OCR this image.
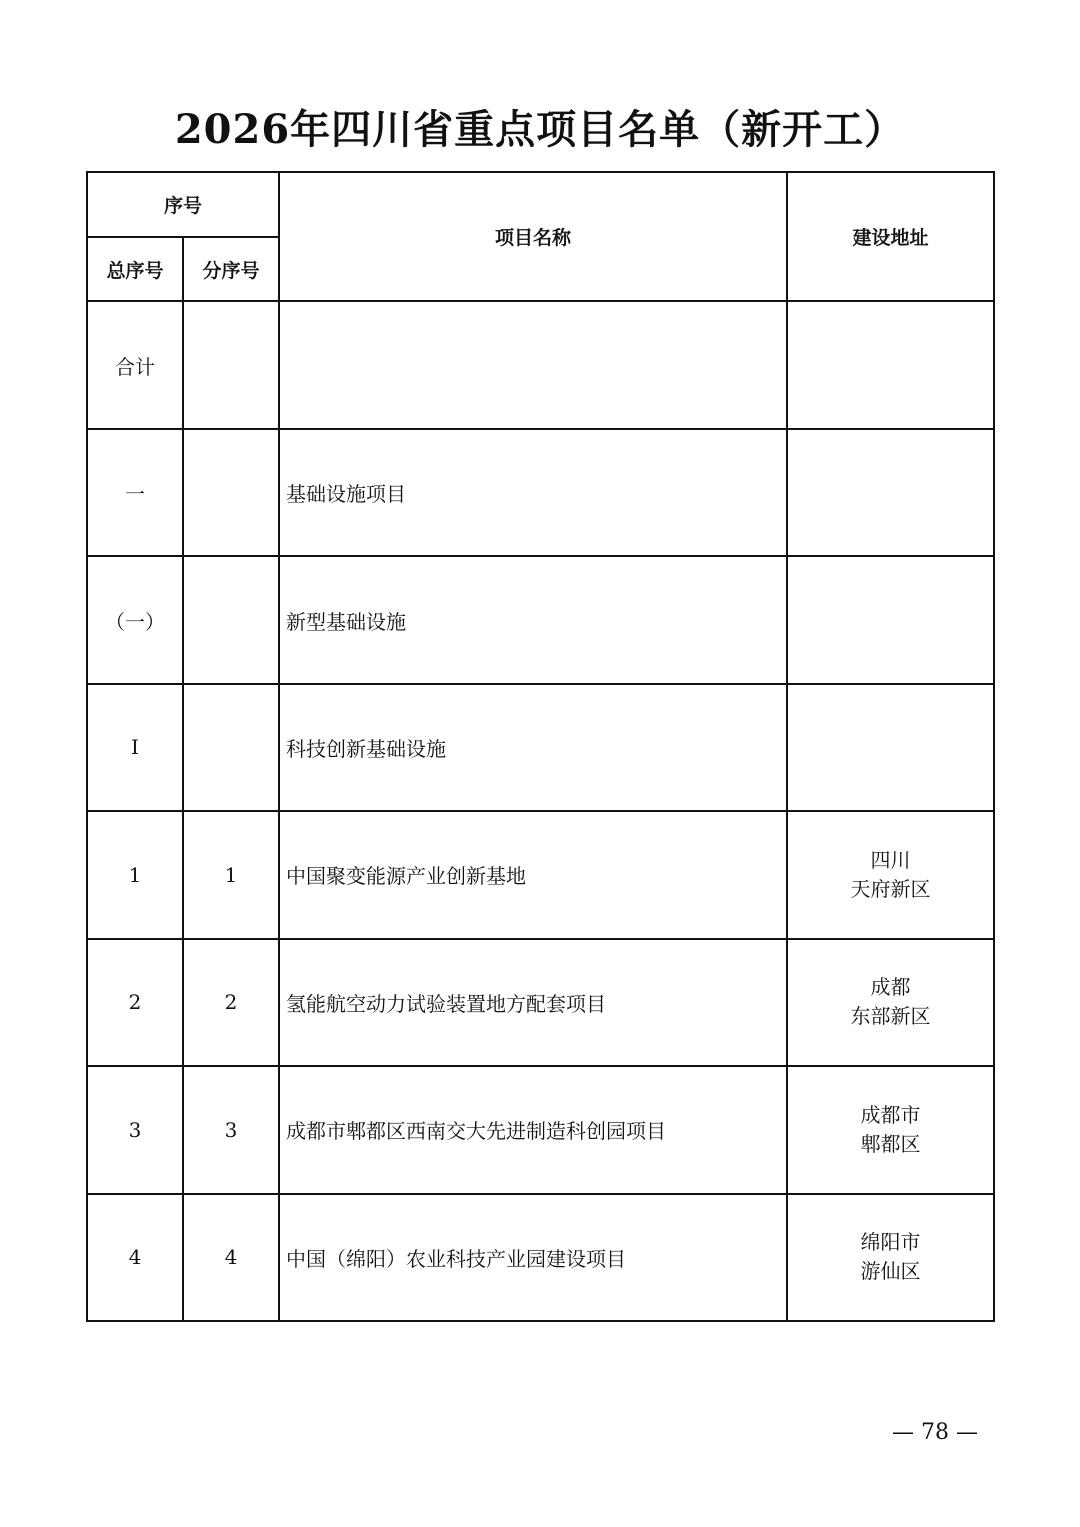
2026年四川省重点项目名单（新开工）
序号		项目名称	建设地址
总序号	分序号		
合计			

一		基础设施项目	

（一）		新型基础设施	

I		科技创新基础设施	

1	1	中国聚变能源产业创新基地	四川
天府新区

2	2	氢能航空动力试验装置地方配套项目	成都
东部新区

3	3	成都市郫都区西南交大先进制造科创园项目	成都市
郫都区

4	4	中国（绵阳）农业科技产业园建设项目	绵阳市
游仙区
— 78 —
